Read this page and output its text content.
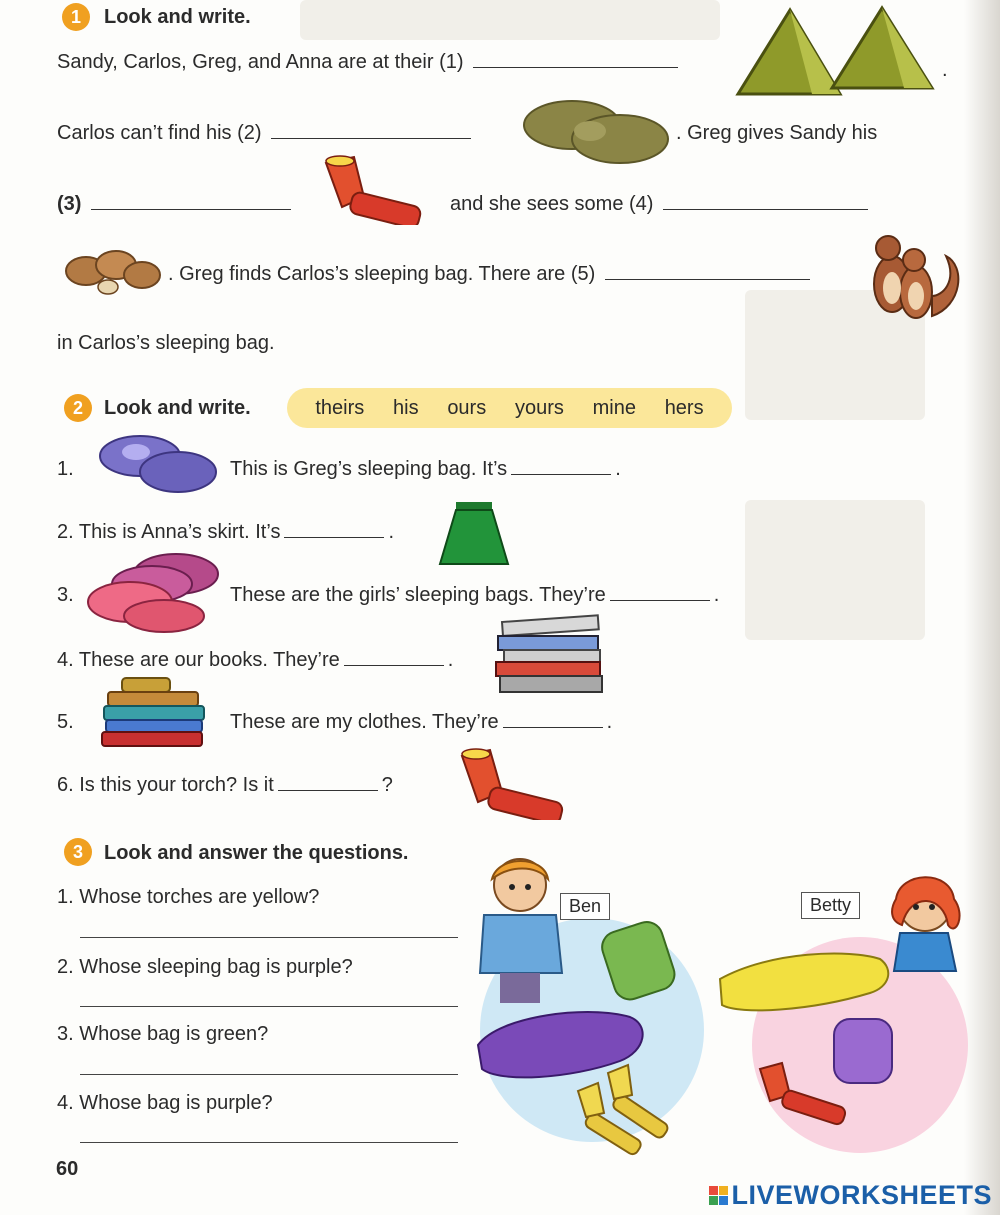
1 Look and write.
Sandy, Carlos, Greg, and Anna are at their (1)	.
Carlos can’t find his (2)	. Greg gives Sandy his
(3)	and she sees some (4)
. Greg finds Carlos’s sleeping bag. There are (5)
in Carlos’s sleeping bag.
2 Look and write.	theirs his ours yours mine hers
1.	This is Greg’s sleeping bag. It’s	.
2. This is Anna’s skirt. It’s	.
3.	These are the girls’ sleeping bags. They’re	.
4. These are our books. They’re	.
5.	These are my clothes. They’re	.
6. Is this your torch? Is it	?
3 Look and answer the questions.
1. Whose torches are yellow?
2. Whose sleeping bag is purple?
3. Whose bag is green?
4. Whose bag is purple?
Ben	Betty
60
LIVEWORKSHEETS
